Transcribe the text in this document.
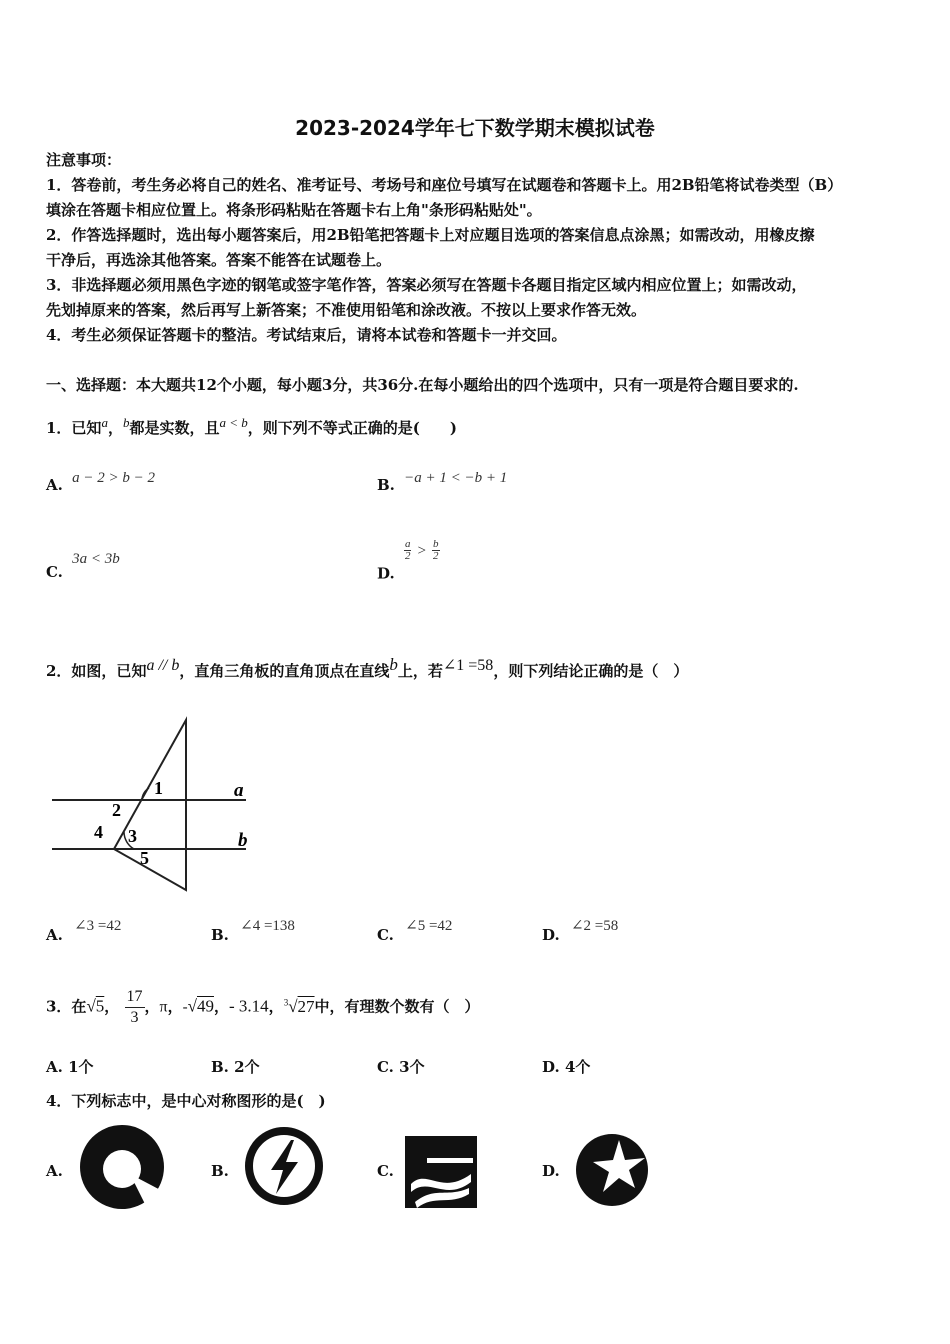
2023-2024学年七下数学期末模拟试卷
注意事项：
1．答卷前，考生务必将自己的姓名、准考证号、考场号和座位号填写在试题卷和答题卡上。用2B铅笔将试卷类型（B）
填涂在答题卡相应位置上。将条形码粘贴在答题卡右上角"条形码粘贴处"。
2．作答选择题时，选出每小题答案后，用2B铅笔把答题卡上对应题目选项的答案信息点涂黑；如需改动，用橡皮擦
干净后，再选涂其他答案。答案不能答在试题卷上。
3．非选择题必须用黑色字迹的钢笔或签字笔作答，答案必须写在答题卡各题目指定区域内相应位置上；如需改动，
先划掉原来的答案，然后再写上新答案；不准使用铅笔和涂改液。不按以上要求作答无效。
4．考生必须保证答题卡的整洁。考试结束后，请将本试卷和答题卡一并交回。
一、选择题：本大题共12个小题，每小题3分，共36分.在每小题给出的四个选项中，只有一项是符合题目要求的.
1．已知a，b都是实数，且a < b，则下列不等式正确的是(　　)
A. a − 2 > b − 2	B. −a + 1 < −b + 1
C. 3a < 3b
D.
$\frac{a}{2} > \frac{b}{2}$
2．如图，已知a // b，直角三角板的直角顶点在直线b上，若∠1 =58，则下列结论正确的是（　）
1
2
3
4
5
a
b
A. ∠3 =42	B. ∠4 =138	C. ∠5 =42	D. ∠2 =58
3．在√5， $\frac{17}{3}$ ，π，-√49，- 3.14，$^3$√27中，有理数个数有（　）
A. 1个	B. 2个	C. 3个	D. 4个
4．下列标志中，是中心对称图形的是(　)
A.	B.	C.	D.
